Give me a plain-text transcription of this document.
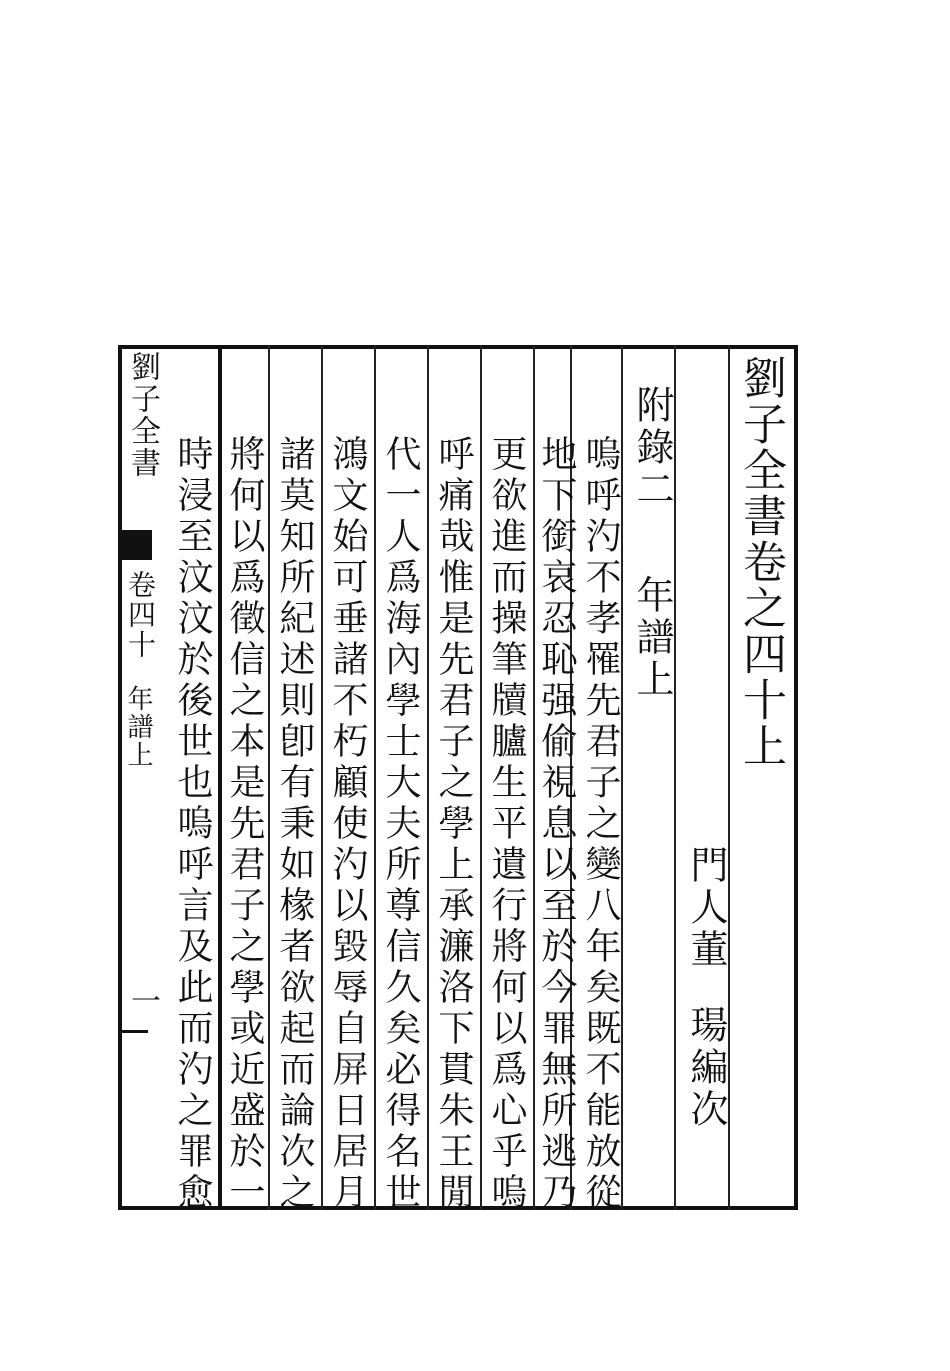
劉子全書卷之四十上
門人董
瑒編次
附錄二
年譜上
嗚呼汋不孝罹先君子之變八年矣既不能放從
地下銜哀忍恥强偷視息以至於今罪無所逃乃
更欲進而操筆牘臚生平遺行將何以爲心乎嗚
呼痛哉惟是先君子之學上承濂洛下貫朱王閒
代一人爲海內學士大夫所尊信久矣必得名世
鴻文始可垂諸不朽顧使汋以毀辱自屏日居月
諸莫知所紀述則卽有秉如椽者欲起而論次之
將何以爲徵信之本是先君子之學或近盛於一
時浸至汶汶於後世也嗚呼言及此而汋之罪愈
劉子全書
卷四十
年譜上
一
